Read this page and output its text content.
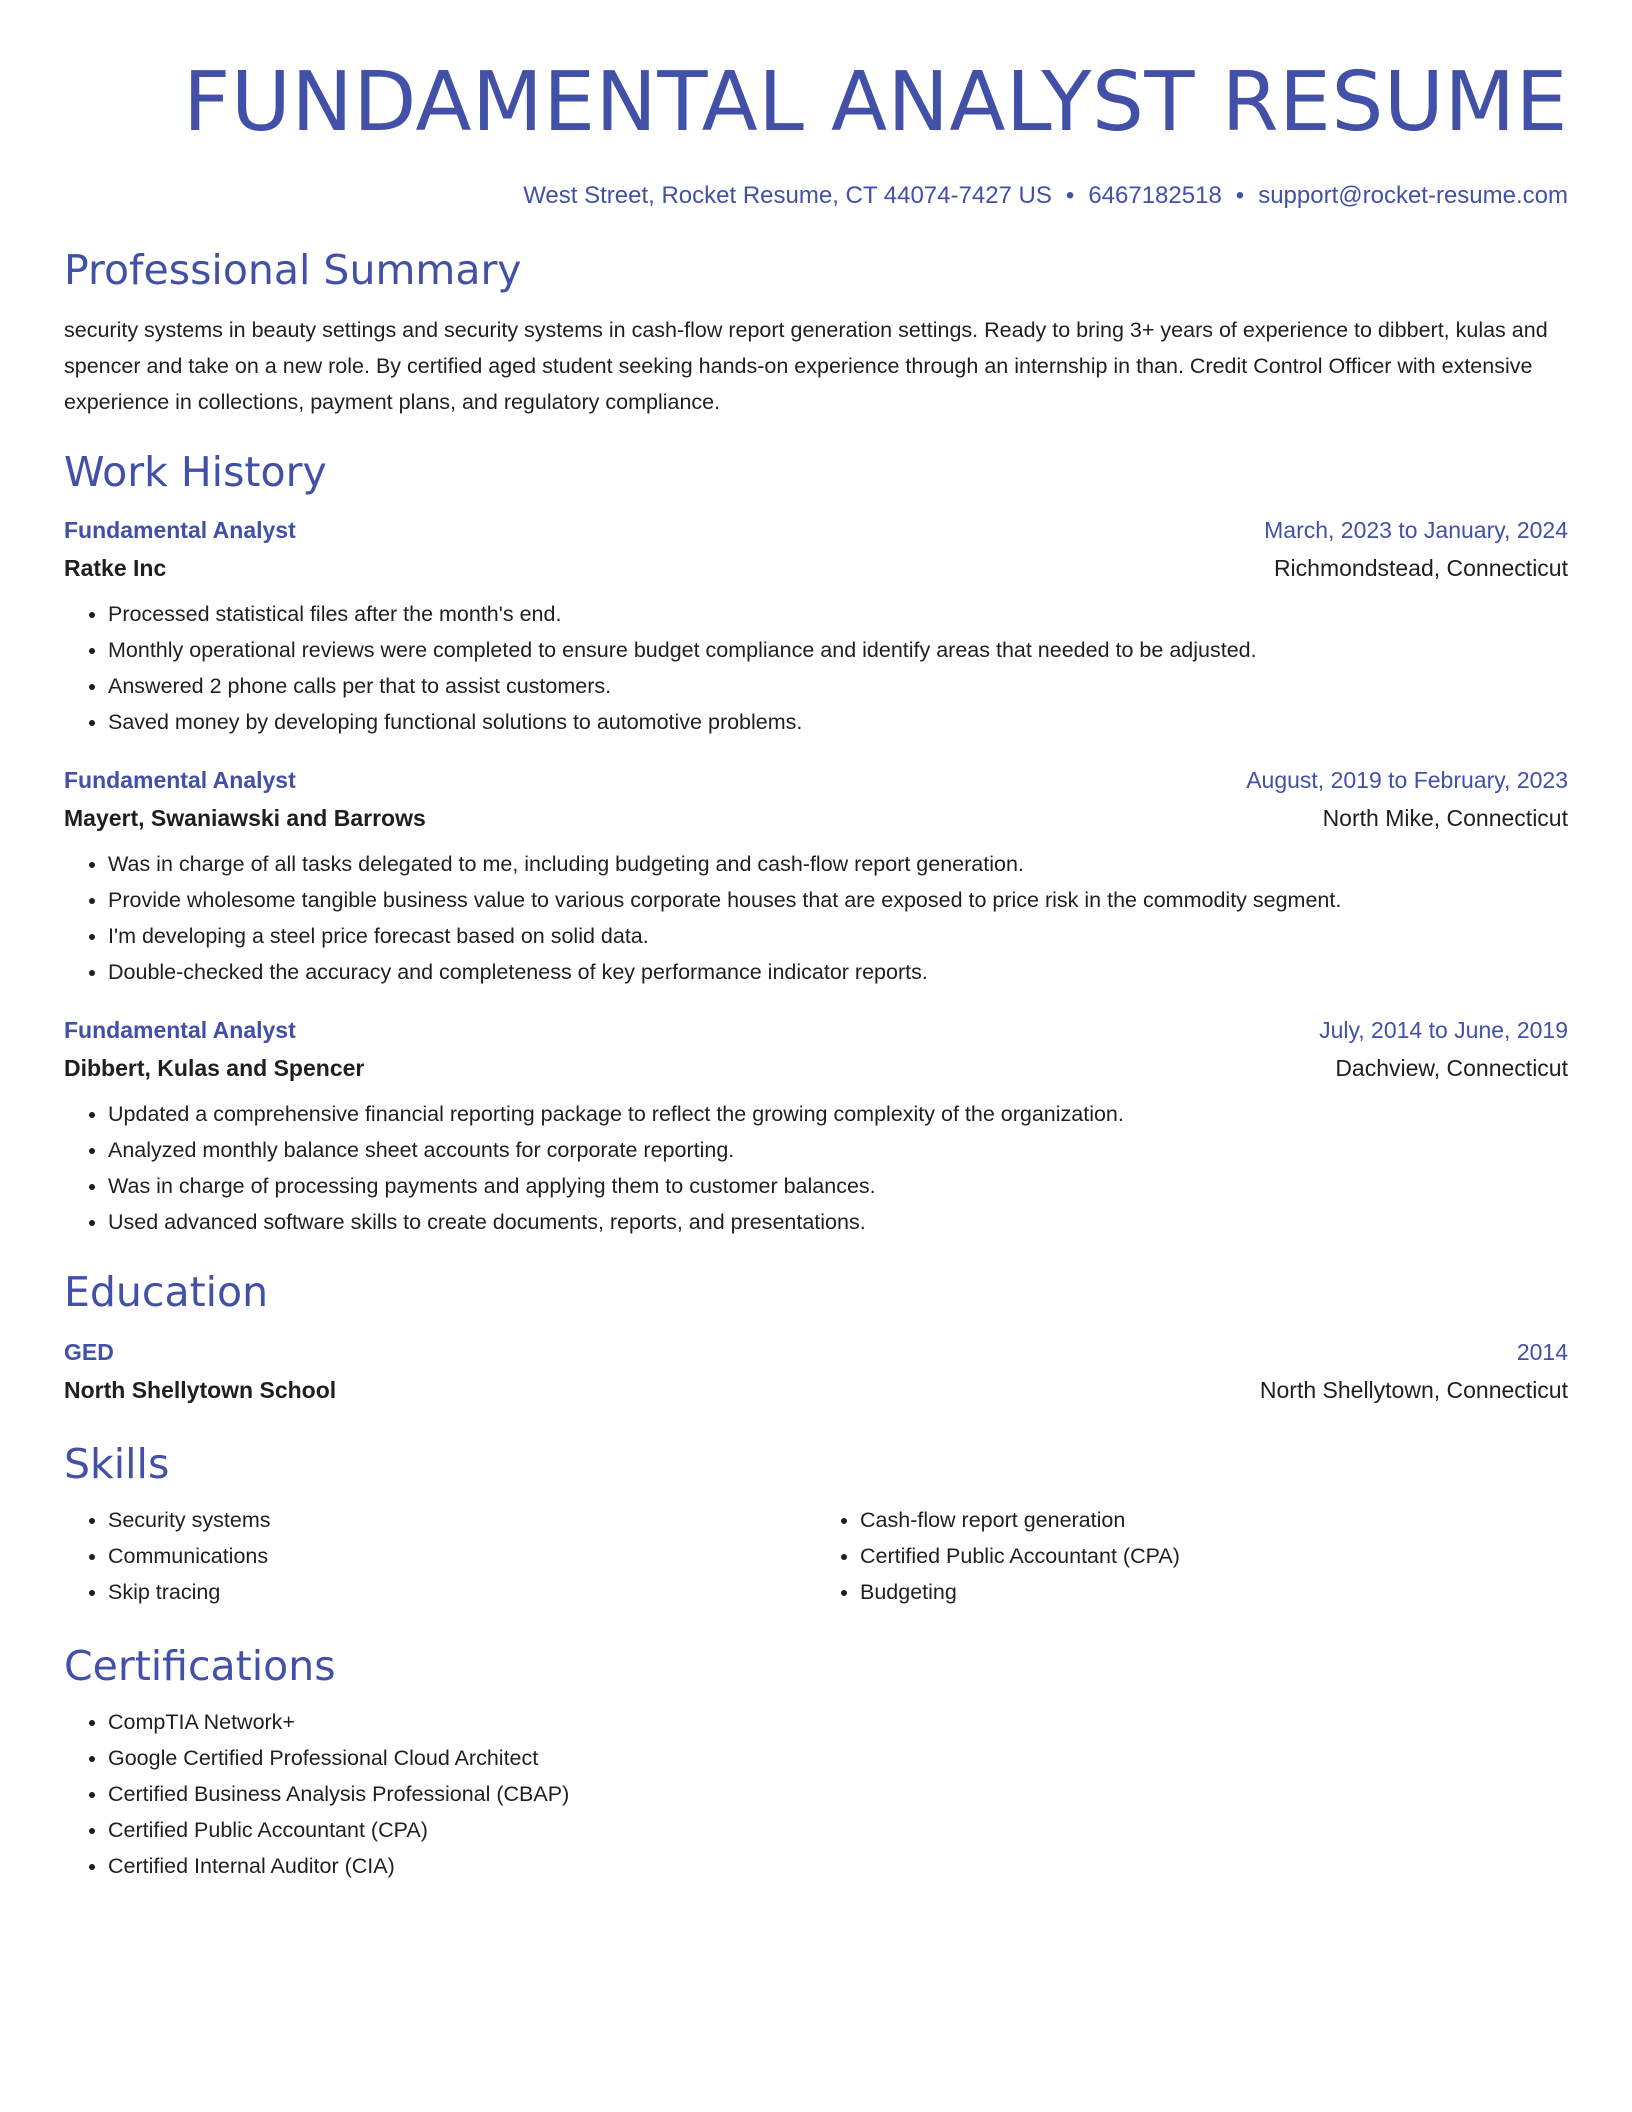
FUNDAMENTAL ANALYST RESUME
West Street, Rocket Resume, CT 44074-7427 US • 6467182518 • support@rocket-resume.com
Professional Summary
security systems in beauty settings and security systems in cash-flow report generation settings. Ready to bring 3+ years of experience to dibbert, kulas and spencer and take on a new role. By certified aged student seeking hands-on experience through an internship in than. Credit Control Officer with extensive experience in collections, payment plans, and regulatory compliance.
Work History
Fundamental Analyst	March, 2023 to January, 2024
Ratke Inc	Richmondstead, Connecticut
• Processed statistical files after the month's end.
• Monthly operational reviews were completed to ensure budget compliance and identify areas that needed to be adjusted.
• Answered 2 phone calls per that to assist customers.
• Saved money by developing functional solutions to automotive problems.
Fundamental Analyst	August, 2019 to February, 2023
Mayert, Swaniawski and Barrows	North Mike, Connecticut
• Was in charge of all tasks delegated to me, including budgeting and cash-flow report generation.
• Provide wholesome tangible business value to various corporate houses that are exposed to price risk in the commodity segment.
• I'm developing a steel price forecast based on solid data.
• Double-checked the accuracy and completeness of key performance indicator reports.
Fundamental Analyst	July, 2014 to June, 2019
Dibbert, Kulas and Spencer	Dachview, Connecticut
• Updated a comprehensive financial reporting package to reflect the growing complexity of the organization.
• Analyzed monthly balance sheet accounts for corporate reporting.
• Was in charge of processing payments and applying them to customer balances.
• Used advanced software skills to create documents, reports, and presentations.
Education
GED	2014
North Shellytown School	North Shellytown, Connecticut
Skills
• Security systems
• Communications
• Skip tracing
• Cash-flow report generation
• Certified Public Accountant (CPA)
• Budgeting
Certifications
• CompTIA Network+
• Google Certified Professional Cloud Architect
• Certified Business Analysis Professional (CBAP)
• Certified Public Accountant (CPA)
• Certified Internal Auditor (CIA)
